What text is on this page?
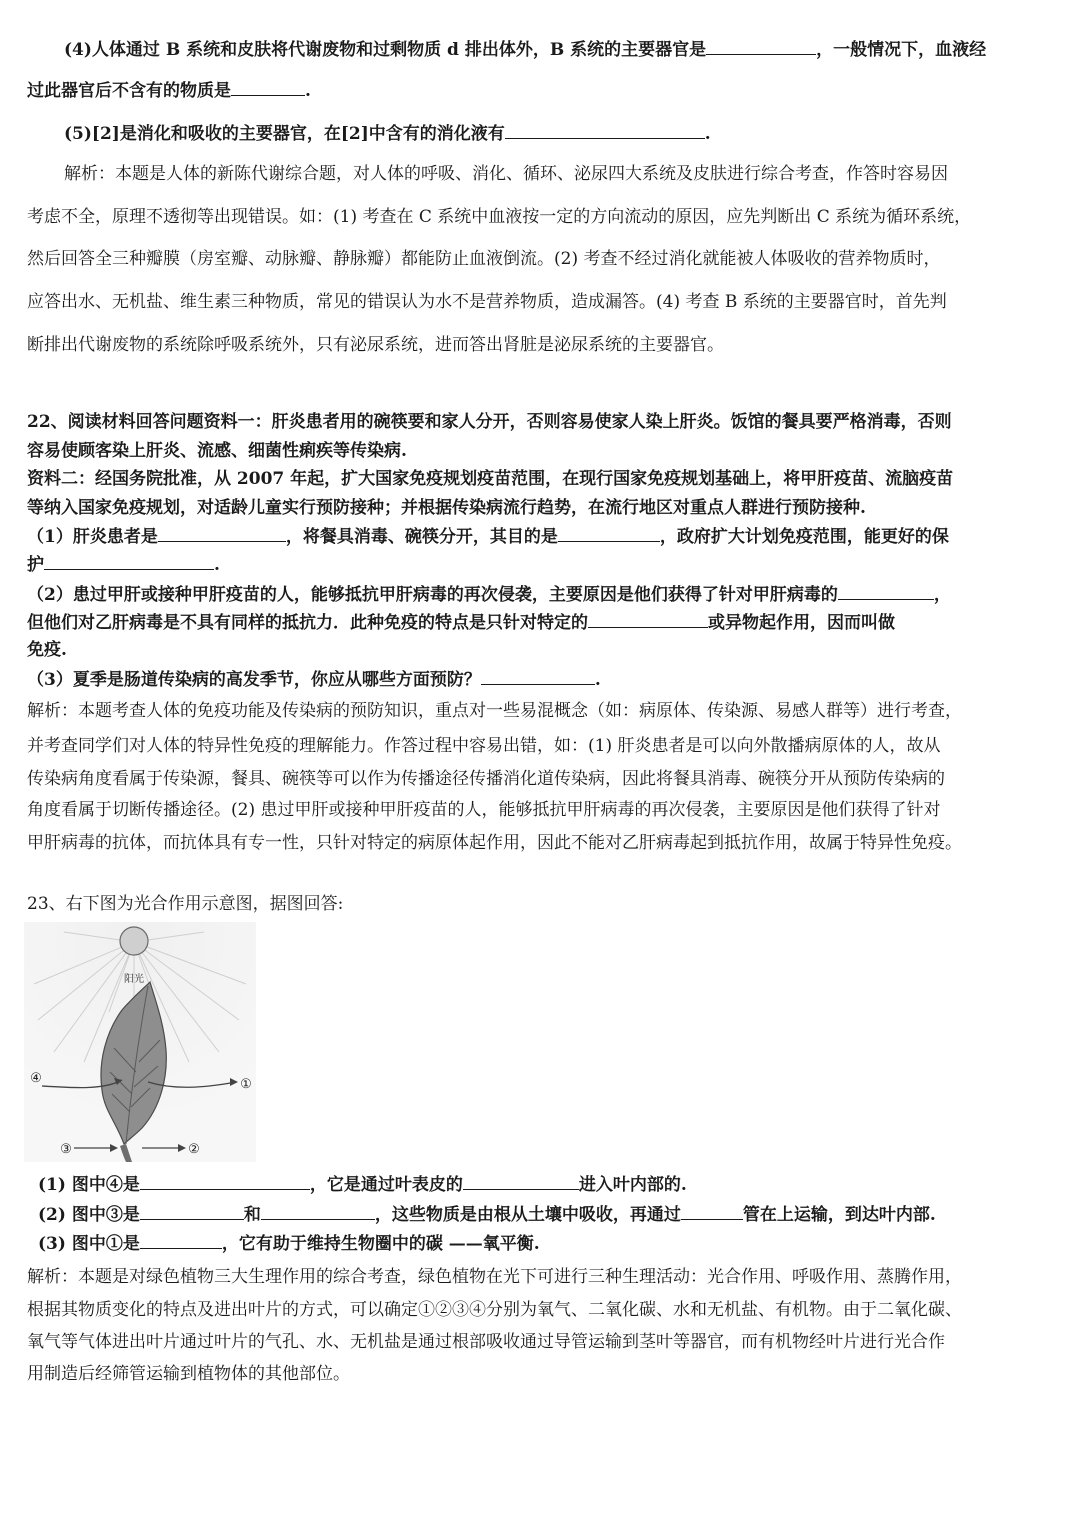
(4)人体通过 B 系统和皮肤将代谢废物和过剩物质 d 排出体外，B 系统的主要器官是	，一般情况下，血液经
过此器官后不含有的物质是	.
(5)[2]是消化和吸收的主要器官，在[2]中含有的消化液有	.
解析：本题是人体的新陈代谢综合题，对人体的呼吸、消化、循环、泌尿四大系统及皮肤进行综合考查，作答时容易因
考虑不全，原理不透彻等出现错误。如：(1) 考查在 C 系统中血液按一定的方向流动的原因，应先判断出 C 系统为循环系统，
然后回答全三种瓣膜（房室瓣、动脉瓣、静脉瓣）都能防止血液倒流。(2) 考查不经过消化就能被人体吸收的营养物质时，
应答出水、无机盐、维生素三种物质，常见的错误认为水不是营养物质，造成漏答。(4) 考查 B 系统的主要器官时，首先判
断排出代谢废物的系统除呼吸系统外，只有泌尿系统，进而答出肾脏是泌尿系统的主要器官。
22、阅读材料回答问题资料一：肝炎患者用的碗筷要和家人分开，否则容易使家人染上肝炎。饭馆的餐具要严格消毒，否则
容易使顾客染上肝炎、流感、细菌性痢疾等传染病.
资料二：经国务院批准，从 2007 年起，扩大国家免疫规划疫苗范围，在现行国家免疫规划基础上，将甲肝疫苗、流脑疫苗
等纳入国家免疫规划，对适龄儿童实行预防接种；并根据传染病流行趋势，在流行地区对重点人群进行预防接种.
（1）肝炎患者是	，将餐具消毒、碗筷分开，其目的是	，政府扩大计划免疫范围，能更好的保
护	.
（2）患过甲肝或接种甲肝疫苗的人，能够抵抗甲肝病毒的再次侵袭，主要原因是他们获得了针对甲肝病毒的	，
但他们对乙肝病毒是不具有同样的抵抗力．此种免疫的特点是只针对特定的	或异物起作用，因而叫做
免疫.
（3）夏季是肠道传染病的高发季节，你应从哪些方面预防？	.
解析：本题考查人体的免疫功能及传染病的预防知识，重点对一些易混概念（如：病原体、传染源、易感人群等）进行考查，
并考查同学们对人体的特异性免疫的理解能力。作答过程中容易出错，如：(1) 肝炎患者是可以向外散播病原体的人，故从
传染病角度看属于传染源，餐具、碗筷等可以作为传播途径传播消化道传染病，因此将餐具消毒、碗筷分开从预防传染病的
角度看属于切断传播途径。(2) 患过甲肝或接种甲肝疫苗的人，能够抵抗甲肝病毒的再次侵袭，主要原因是他们获得了针对
甲肝病毒的抗体，而抗体具有专一性，只针对特定的病原体起作用，因此不能对乙肝病毒起到抵抗作用，故属于特异性免疫。
23、右下图为光合作用示意图，据图回答:
阳光
④	①
③	②
(1) 图中④是	，它是通过叶表皮的	进入叶内部的.
(2) 图中③是	和	，这些物质是由根从土壤中吸收，再通过	管在上运输，到达叶内部.
(3) 图中①是	，它有助于维持生物圈中的碳 ——氧平衡.
解析：本题是对绿色植物三大生理作用的综合考查，绿色植物在光下可进行三种生理活动：光合作用、呼吸作用、蒸腾作用，
根据其物质变化的特点及进出叶片的方式，可以确定①②③④分别为氧气、二氧化碳、水和无机盐、有机物。由于二氧化碳、
氧气等气体进出叶片通过叶片的气孔、水、无机盐是通过根部吸收通过导管运输到茎叶等器官，而有机物经叶片进行光合作
用制造后经筛管运输到植物体的其他部位。
